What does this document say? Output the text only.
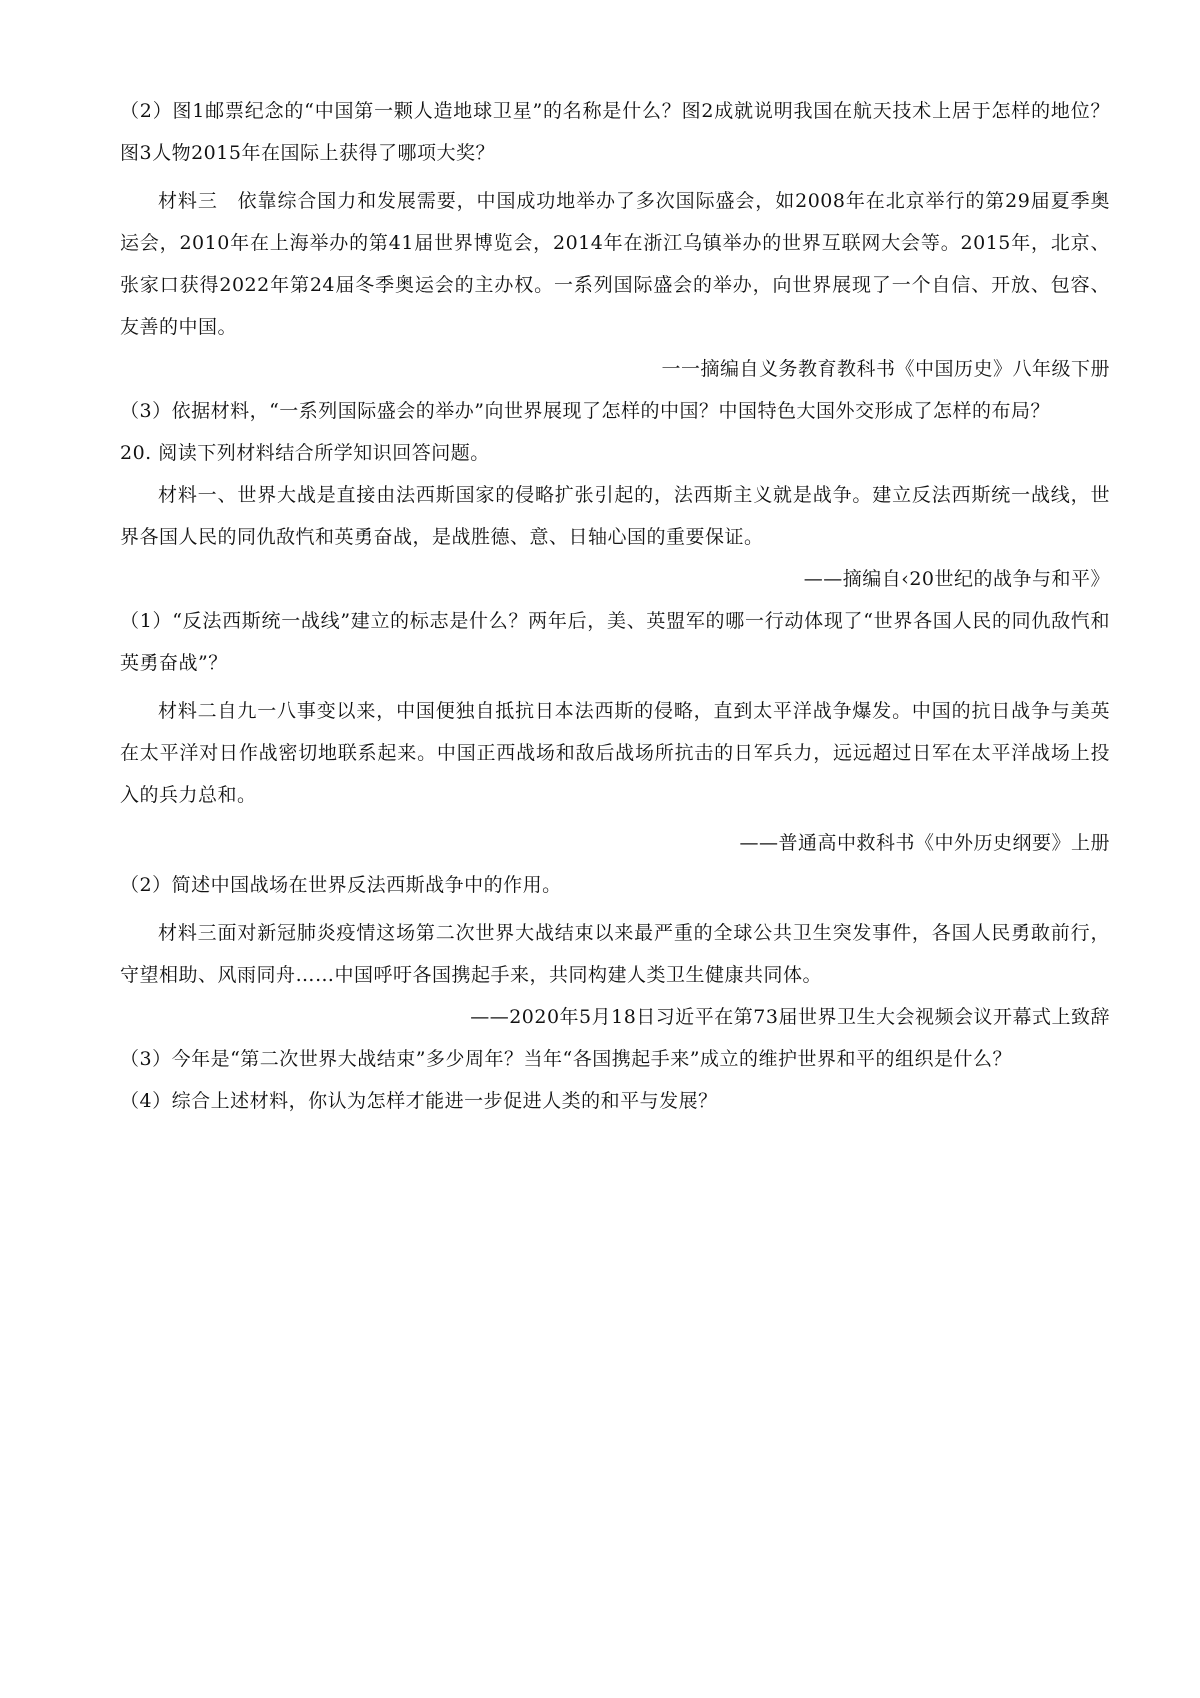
（2）图1邮票纪念的“中国第一颗人造地球卫星”的名称是什么？图2成就说明我国在航天技术上居于怎样的地位？图3人物2015年在国际上获得了哪项大奖？

材料三　依靠综合国力和发展需要，中国成功地举办了多次国际盛会，如2008年在北京举行的第29届夏季奥运会，2010年在上海举办的第41届世界博览会，2014年在浙江乌镇举办的世界互联网大会等。2015年，北京、张家口获得2022年第24届冬季奥运会的主办权。一系列国际盛会的举办，向世界展现了一个自信、开放、包容、友善的中国。

一一摘编自义务教育教科书《中国历史》八年级下册

（3）依据材料，“一系列国际盛会的举办”向世界展现了怎样的中国？中国特色大国外交形成了怎样的布局？

20. 阅读下列材料结合所学知识回答问题。

材料一、世界大战是直接由法西斯国家的侵略扩张引起的，法西斯主义就是战争。建立反法西斯统一战线，世界各国人民的同仇敌忾和英勇奋战，是战胜德、意、日轴心国的重要保证。

——摘编自‹20世纪的战争与和平》

（1）“反法西斯统一战线”建立的标志是什么？两年后，美、英盟军的哪一行动体现了“世界各国人民的同仇敌忾和英勇奋战”？

材料二自九一八事变以来，中国便独自抵抗日本法西斯的侵略，直到太平洋战争爆发。中国的抗日战争与美英在太平洋对日作战密切地联系起来。中国正西战场和敌后战场所抗击的日军兵力，远远超过日军在太平洋战场上投入的兵力总和。

——普通高中救科书《中外历史纲要》上册

（2）简述中国战场在世界反法西斯战争中的作用。

材料三面对新冠肺炎疫情这场第二次世界大战结束以来最严重的全球公共卫生突发事件，各国人民勇敢前行，守望相助、风雨同舟……中国呼吁各国携起手来，共同构建人类卫生健康共同体。

——2020年5月18日习近平在第73届世界卫生大会视频会议开幕式上致辞

（3）今年是“第二次世界大战结束”多少周年？当年“各国携起手来”成立的维护世界和平的组织是什么？

（4）综合上述材料，你认为怎样才能进一步促进人类的和平与发展？
